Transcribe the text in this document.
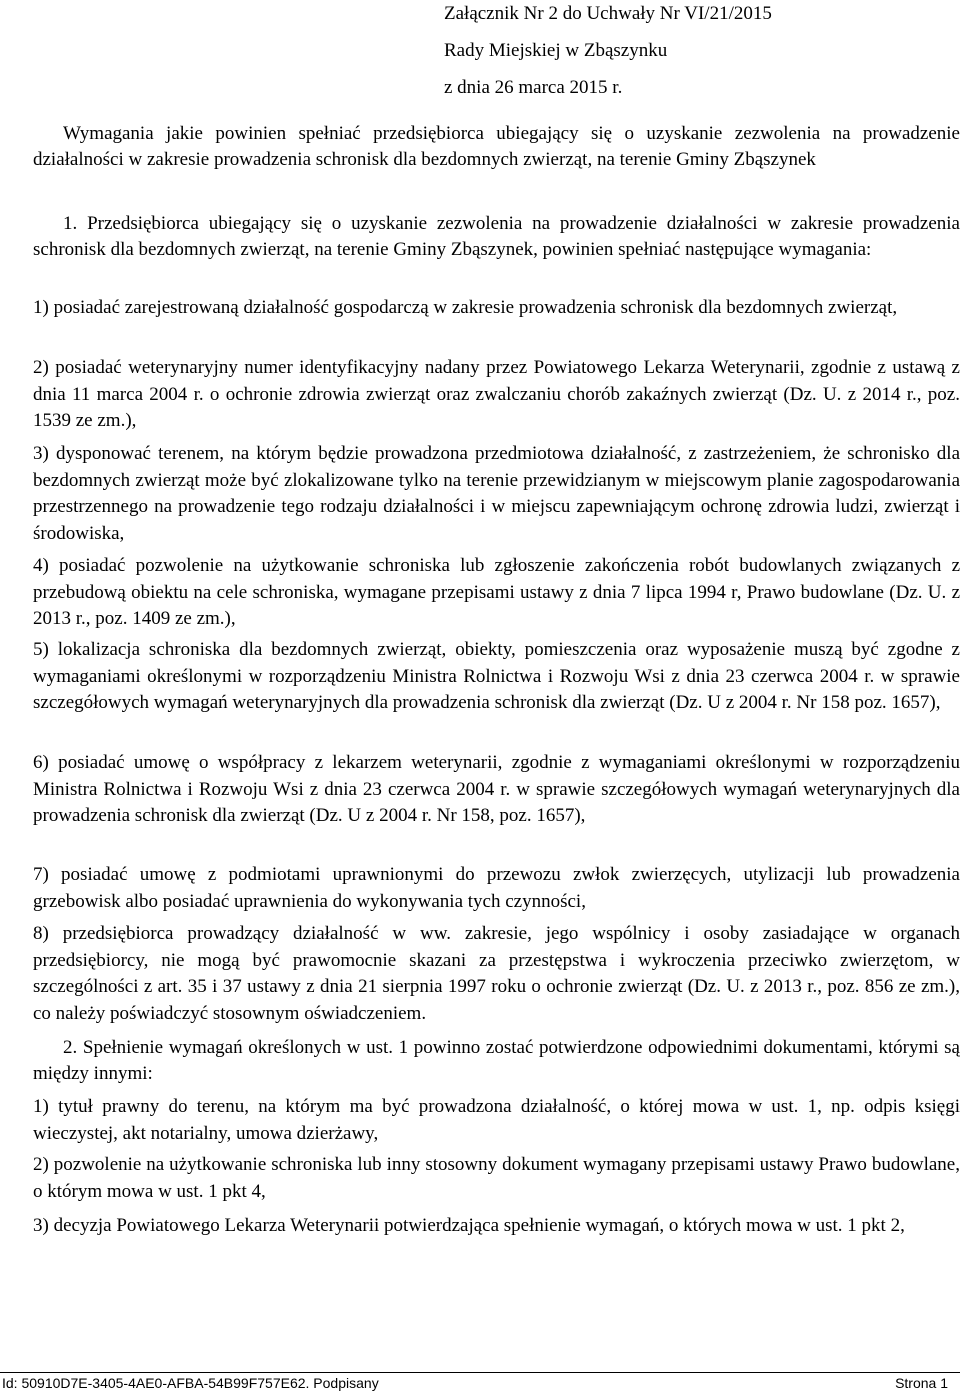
Załącznik Nr 2 do Uchwały Nr VI/21/2015
Rady Miejskiej w Zbąszynku
z dnia 26 marca 2015 r.

Wymagania jakie powinien spełniać przedsiębiorca ubiegający się o uzyskanie zezwolenia na prowadzenie działalności w zakresie prowadzenia schronisk dla bezdomnych zwierząt, na terenie Gminy Zbąszynek

1. Przedsiębiorca ubiegający się o uzyskanie zezwolenia na prowadzenie działalności w zakresie prowadzenia schronisk dla bezdomnych zwierząt, na terenie Gminy Zbąszynek, powinien spełniać następujące wymagania:

1) posiadać zarejestrowaną działalność gospodarczą w zakresie prowadzenia schronisk dla bezdomnych zwierząt,

2) posiadać weterynaryjny numer identyfikacyjny nadany przez Powiatowego Lekarza Weterynarii, zgodnie z ustawą z dnia 11 marca 2004 r. o ochronie zdrowia zwierząt oraz zwalczaniu chorób zakaźnych zwierząt (Dz. U. z 2014 r., poz. 1539 ze zm.),

3) dysponować terenem, na którym będzie prowadzona przedmiotowa działalność, z zastrzeżeniem, że schronisko dla bezdomnych zwierząt może być zlokalizowane tylko na terenie przewidzianym w miejscowym planie zagospodarowania przestrzennego na prowadzenie tego rodzaju działalności i w miejscu zapewniającym ochronę zdrowia ludzi, zwierząt i środowiska,

4) posiadać pozwolenie na użytkowanie schroniska lub zgłoszenie zakończenia robót budowlanych związanych z przebudową obiektu na cele schroniska, wymagane przepisami ustawy z dnia 7 lipca 1994 r, Prawo budowlane (Dz. U. z 2013 r., poz. 1409 ze zm.),

5) lokalizacja schroniska dla bezdomnych zwierząt, obiekty, pomieszczenia oraz wyposażenie muszą być zgodne z wymaganiami określonymi w rozporządzeniu Ministra Rolnictwa i Rozwoju Wsi z dnia 23 czerwca 2004 r. w sprawie szczegółowych wymagań weterynaryjnych dla prowadzenia schronisk dla zwierząt (Dz. U z 2004 r. Nr 158 poz. 1657),

6) posiadać umowę o współpracy z lekarzem weterynarii, zgodnie z wymaganiami określonymi w rozporządzeniu Ministra Rolnictwa i Rozwoju Wsi z dnia 23 czerwca 2004 r. w sprawie szczegółowych wymagań weterynaryjnych dla prowadzenia schronisk dla zwierząt (Dz. U z 2004 r. Nr 158, poz. 1657),

7) posiadać umowę z podmiotami uprawnionymi do przewozu zwłok zwierzęcych, utylizacji lub prowadzenia grzebowisk albo posiadać uprawnienia do wykonywania tych czynności,

8) przedsiębiorca prowadzący działalność w ww. zakresie, jego wspólnicy i osoby zasiadające w organach przedsiębiorcy, nie mogą być prawomocnie skazani za przestępstwa i wykroczenia przeciwko zwierzętom, w szczególności z art. 35 i 37 ustawy z dnia 21 sierpnia 1997 roku o ochronie zwierząt (Dz. U. z 2013 r., poz. 856 ze zm.), co należy poświadczyć stosownym oświadczeniem.

2. Spełnienie wymagań określonych w ust. 1 powinno zostać potwierdzone odpowiednimi dokumentami, którymi są między innymi:

1) tytuł prawny do terenu, na którym ma być prowadzona działalność, o której mowa w ust. 1, np. odpis księgi wieczystej, akt notarialny, umowa dzierżawy,

2) pozwolenie na użytkowanie schroniska lub inny stosowny dokument wymagany przepisami ustawy Prawo budowlane, o którym mowa w ust. 1 pkt 4,

3) decyzja Powiatowego Lekarza Weterynarii potwierdzająca spełnienie wymagań, o których mowa w ust. 1 pkt 2,

Id: 50910D7E-3405-4AE0-AFBA-54B99F757E62. Podpisany	Strona 1
